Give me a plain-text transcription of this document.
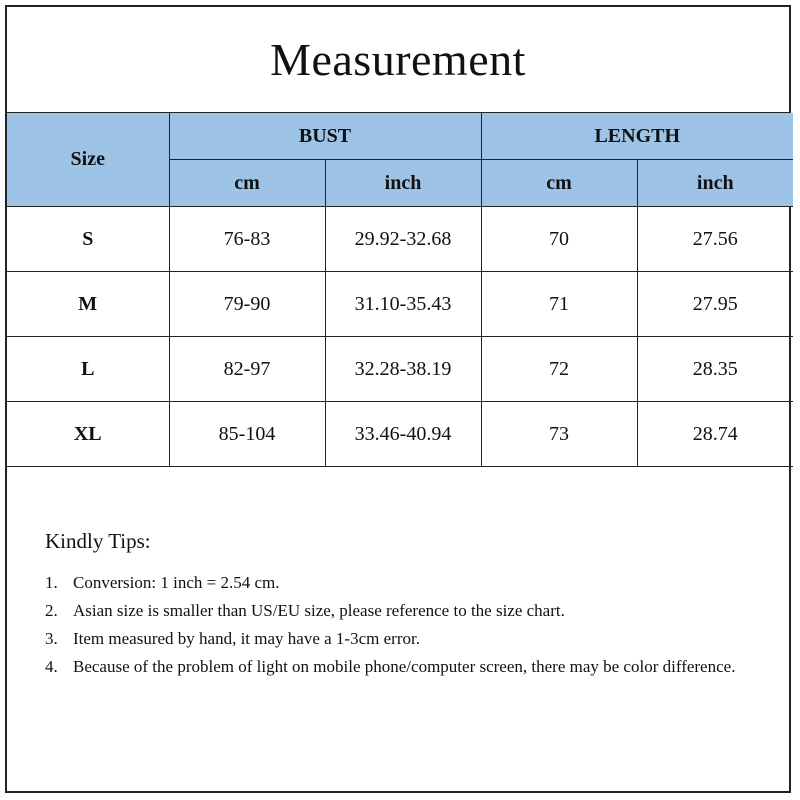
Measurement
Size	BUST		LENGTH	
	cm	inch	cm	inch
S	76-83	29.92-32.68	70	27.56
M	79-90	31.10-35.43	71	27.95
L	82-97	32.28-38.19	72	28.35
XL	85-104	33.46-40.94	73	28.74
Kindly Tips:
1. Conversion: 1 inch = 2.54 cm.
2. Asian size is smaller than US/EU size, please reference to the size chart.
3. Item measured by hand, it may have a 1-3cm error.
4. Because of the problem of light on mobile phone/computer screen, there may be color difference.
